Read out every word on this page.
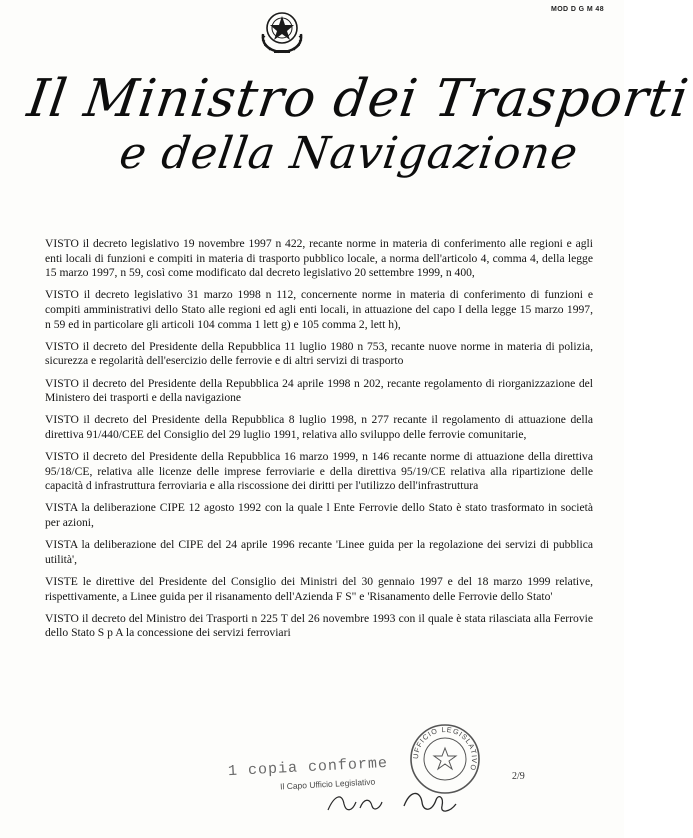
MOD D G M 48
Il Ministro dei Trasporti
e della Navigazione

VISTO il decreto legislativo 19 novembre 1997 n 422, recante norme in materia di conferimento alle regioni e agli enti locali di funzioni e compiti in materia di trasporto pubblico locale, a norma dell'articolo 4, comma 4, della legge 15 marzo 1997, n 59, così come modificato dal decreto legislativo 20 settembre 1999, n 400,

VISTO il decreto legislativo 31 marzo 1998 n 112, concernente norme in materia di conferimento di funzioni e compiti amministrativi dello Stato alle regioni ed agli enti locali, in attuazione del capo I della legge 15 marzo 1997, n 59 ed in particolare gli articoli 104 comma 1 lett g) e 105 comma 2, lett h),

VISTO il decreto del Presidente della Repubblica 11 luglio 1980 n 753, recante nuove norme in materia di polizia, sicurezza e regolarità dell'esercizio delle ferrovie e di altri servizi di trasporto

VISTO il decreto del Presidente della Repubblica 24 aprile 1998 n 202, recante regolamento di riorganizzazione del Ministero dei trasporti e della navigazione

VISTO il decreto del Presidente della Repubblica 8 luglio 1998, n 277 recante il regolamento di attuazione della direttiva 91/440/CEE del Consiglio del 29 luglio 1991, relativa allo sviluppo delle ferrovie comunitarie,

VISTO il decreto del Presidente della Repubblica 16 marzo 1999, n 146 recante norme di attuazione della direttiva 95/18/CE, relativa alle licenze delle imprese ferroviarie e della direttiva 95/19/CE relativa alla ripartizione delle capacità d infrastruttura ferroviaria e alla riscossione dei diritti per l'utilizzo dell'infrastruttura

VISTA la deliberazione CIPE 12 agosto 1992 con la quale l Ente Ferrovie dello Stato è stato trasformato in società per azioni,

VISTA la deliberazione del CIPE del 24 aprile 1996 recante 'Linee guida per la regolazione dei servizi di pubblica utilità',

VISTE le direttive del Presidente del Consiglio dei Ministri del 30 gennaio 1997 e del 18 marzo 1999 relative, rispettivamente, a Linee guida per il risanamento dell'Azienda F S" e 'Risanamento delle Ferrovie dello Stato'

VISTO il decreto del Ministro dei Trasporti n 225 T del 26 novembre 1993 con il quale è stata rilasciata alla Ferrovie dello Stato S p A la concessione dei servizi ferroviari

UFFICIO LEGISLATIVO
1 copia conforme
Il Capo Ufficio Legislativo
2/9
